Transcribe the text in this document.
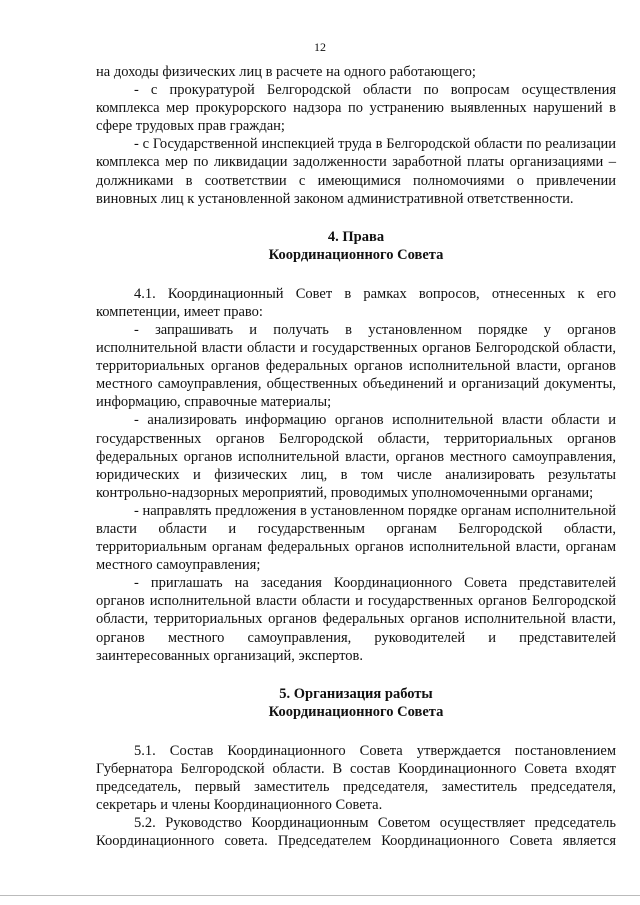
12

на доходы физических лиц в расчете на одного работающего;

- с прокуратурой Белгородской области по вопросам осуществления комплекса мер прокурорского надзора по устранению выявленных нарушений в сфере трудовых прав граждан;

- с Государственной инспекцией труда в Белгородской области по реализации комплекса мер по ликвидации задолженности заработной платы организациями – должниками в соответствии с имеющимися полномочиями о привлечении виновных лиц к установленной законом административной ответственности.

4. Права

Координационного Совета

4.1. Координационный Совет в рамках вопросов, отнесенных к его компетенции, имеет право:

- запрашивать и получать в установленном порядке у органов исполнительной власти области и государственных органов Белгородской области, территориальных органов федеральных органов исполнительной власти, органов местного самоуправления, общественных объединений и организаций документы, информацию, справочные материалы;

- анализировать информацию органов исполнительной власти области и государственных органов Белгородской области, территориальных органов федеральных органов исполнительной власти, органов местного самоуправления, юридических и физических лиц, в том числе анализировать результаты контрольно-надзорных мероприятий, проводимых уполномоченными органами;

- направлять предложения в установленном порядке органам исполнительной власти области и государственным органам Белгородской области, территориальным органам федеральных органов исполнительной власти, органам местного самоуправления;

- приглашать на заседания Координационного Совета представителей органов исполнительной власти области и государственных органов Белгородской области, территориальных органов федеральных органов исполнительной власти, органов местного самоуправления, руководителей и представителей заинтересованных организаций, экспертов.

5. Организация работы

Координационного Совета

5.1. Состав Координационного Совета утверждается постановлением Губернатора Белгородской области. В состав Координационного Совета входят председатель, первый заместитель председателя, заместитель председателя, секретарь и члены Координационного Совета.

5.2. Руководство Координационным Советом осуществляет председатель Координационного совета. Председателем Координационного Совета является
